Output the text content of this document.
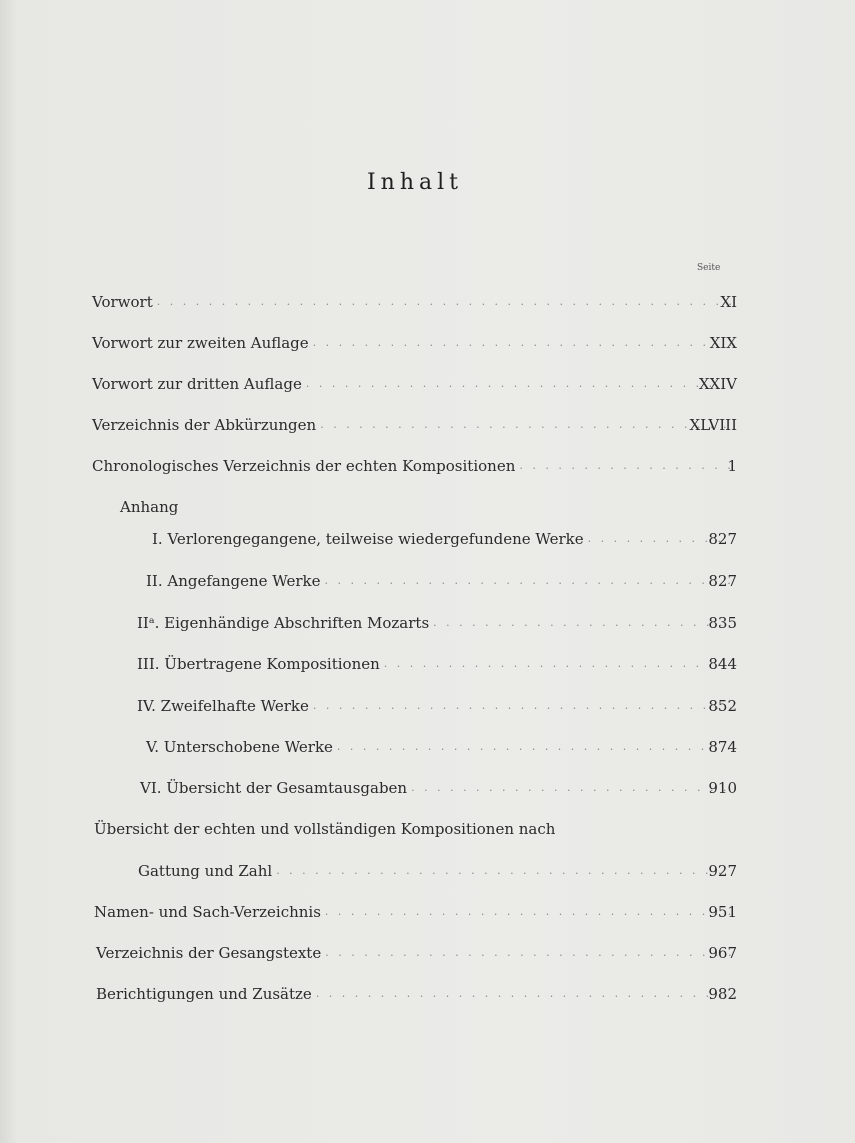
Inhalt
Seite
Vorwort . . .	XI
Vorwort zur zweiten Auflage . . .	XIX
Vorwort zur dritten Auflage . . .	XXIV
Verzeichnis der Abkürzungen . . .	XLVIII
Chronologisches Verzeichnis der echten Kompositionen . . .	1
Anhang
I. Verlorengegangene, teilweise wiedergefundene Werke . . .	827
II. Angefangene Werke . . .	827
IIᵃ. Eigenhändige Abschriften Mozarts . . .	835
III. Übertragene Kompositionen . . .	844
IV. Zweifelhafte Werke . . .	852
V. Unterschobene Werke . . .	874
VI. Übersicht der Gesamtausgaben . . .	910
Übersicht der echten und vollständigen Kompositionen nach
Gattung und Zahl . . .	927
Namen- und Sach-Verzeichnis . . .	951
Verzeichnis der Gesangstexte . . .	967
Berichtigungen und Zusätze . . .	982
